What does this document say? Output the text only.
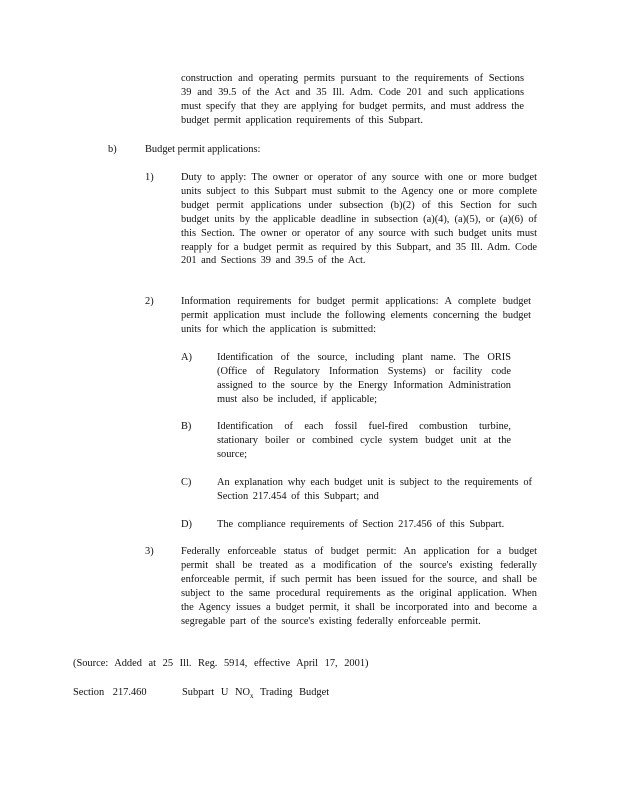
construction and operating permits pursuant to the requirements of Sections 39 and 39.5 of the Act and 35 Ill. Adm. Code 201 and such applications must specify that they are applying for budget permits, and must address the budget permit application requirements of this Subpart.
b)	Budget permit applications:
1)	Duty to apply: The owner or operator of any source with one or more budget units subject to this Subpart must submit to the Agency one or more complete budget permit applications under subsection (b)(2) of this Section for such budget units by the applicable deadline in subsection (a)(4), (a)(5), or (a)(6) of this Section. The owner or operator of any source with such budget units must reapply for a budget permit as required by this Subpart, and 35 Ill. Adm. Code 201 and Sections 39 and 39.5 of the Act.
2)	Information requirements for budget permit applications: A complete budget permit application must include the following elements concerning the budget units for which the application is submitted:
A) Identification of the source, including plant name. The ORIS (Office of Regulatory Information Systems) or facility code assigned to the source by the Energy Information Administration must also be included, if applicable;
B) Identification of each fossil fuel-fired combustion turbine, stationary boiler or combined cycle system budget unit at the source;
C) An explanation why each budget unit is subject to the requirements of Section 217.454 of this Subpart; and
D) The compliance requirements of Section 217.456 of this Subpart.
3)	Federally enforceable status of budget permit: An application for a budget permit shall be treated as a modification of the source's existing federally enforceable permit, if such permit has been issued for the source, and shall be subject to the same procedural requirements as the original application. When the Agency issues a budget permit, it shall be incorporated into and become a segregable part of the source's existing federally enforceable permit.
(Source: Added at 25 Ill. Reg. 5914, effective April 17, 2001)
Section 217.460	Subpart U $NO_x$ Trading Budget
